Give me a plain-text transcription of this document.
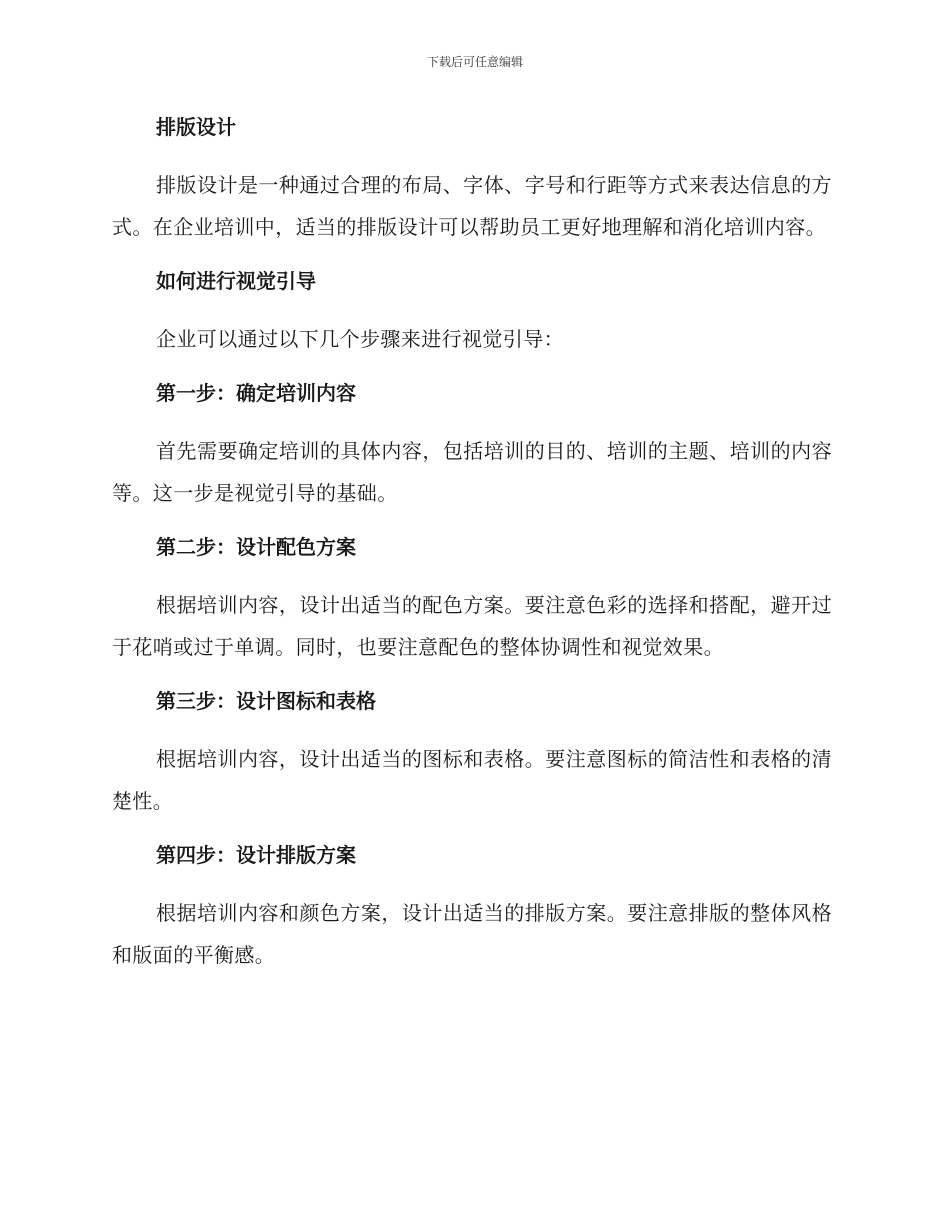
下载后可任意编辑
排版设计

排版设计是一种通过合理的布局、字体、字号和行距等方式来表达信息的方式。在企业培训中，适当的排版设计可以帮助员工更好地理解和消化培训内容。

如何进行视觉引导

企业可以通过以下几个步骤来进行视觉引导：

第一步：确定培训内容

首先需要确定培训的具体内容，包括培训的目的、培训的主题、培训的内容等。这一步是视觉引导的基础。

第二步：设计配色方案

根据培训内容，设计出适当的配色方案。要注意色彩的选择和搭配，避开过于花哨或过于单调。同时，也要注意配色的整体协调性和视觉效果。

第三步：设计图标和表格

根据培训内容，设计出适当的图标和表格。要注意图标的简洁性和表格的清楚性。

第四步：设计排版方案

根据培训内容和颜色方案，设计出适当的排版方案。要注意排版的整体风格和版面的平衡感。
